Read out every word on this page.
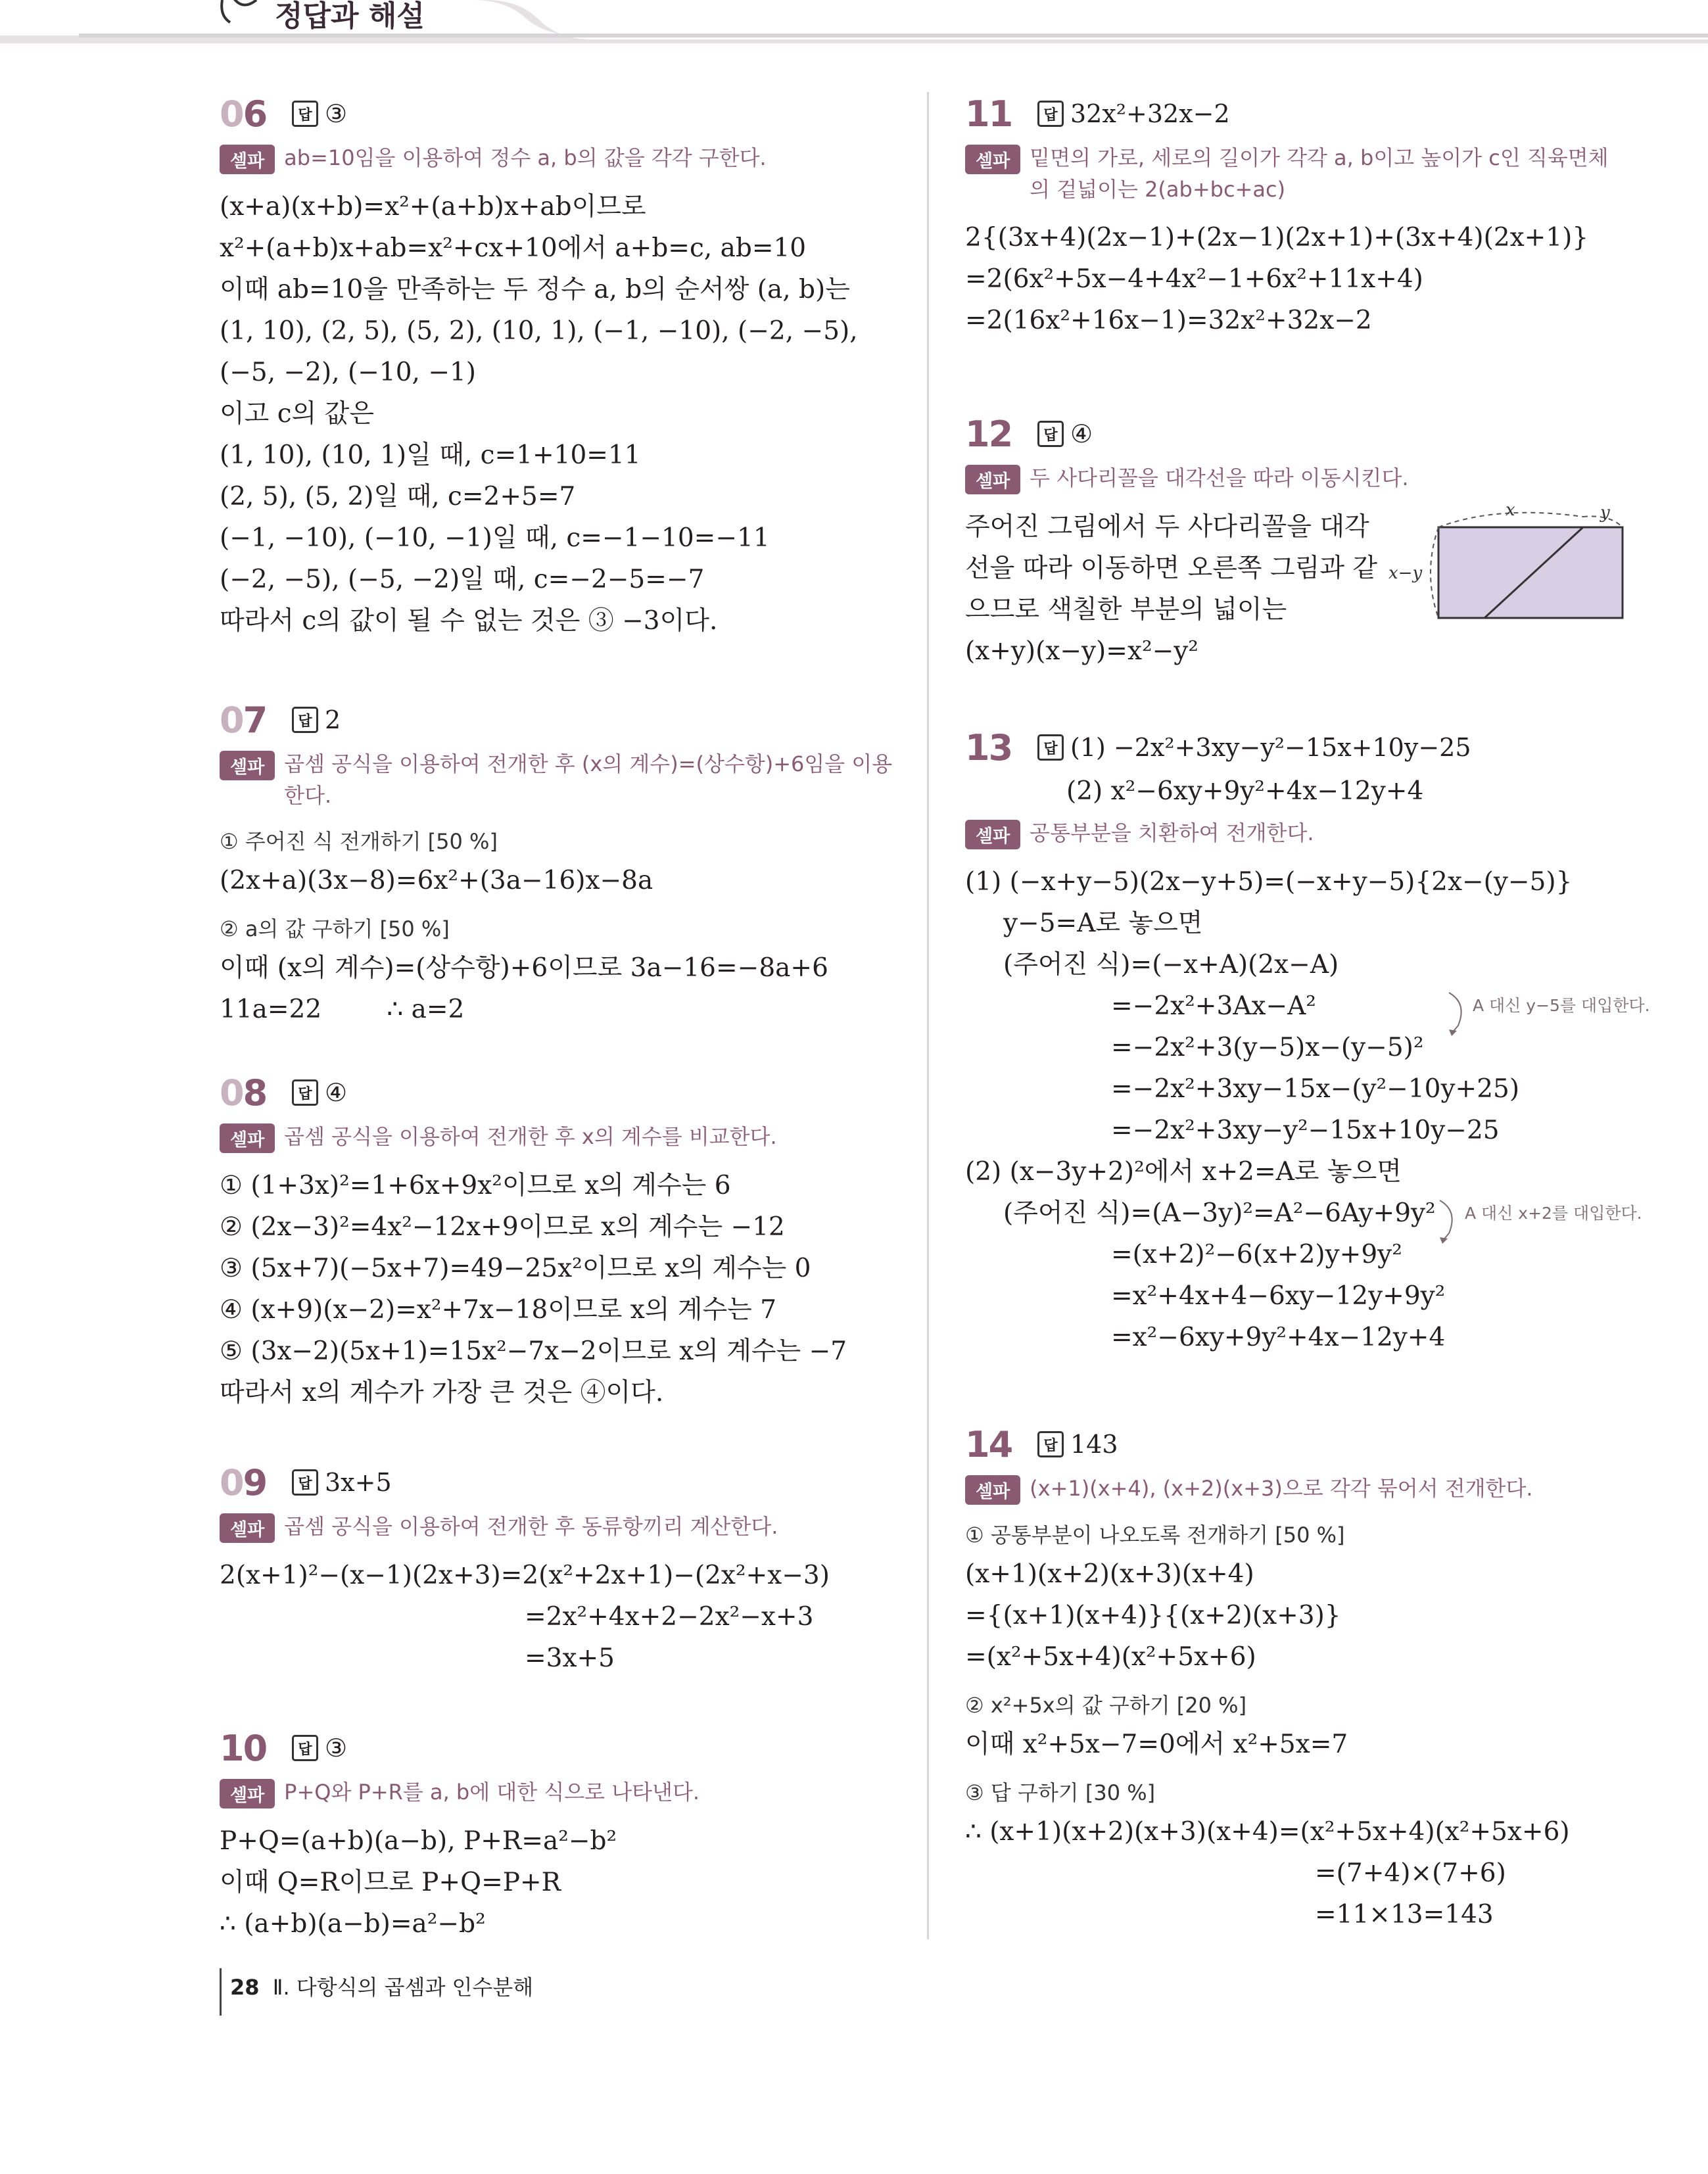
정답과 해설
06	답 ③
셀파 ab=10임을 이용하여 정수 a, b의 값을 각각 구한다.
(x+a)(x+b)=x²+(a+b)x+ab이므로
x²+(a+b)x+ab=x²+cx+10에서 a+b=c, ab=10
이때 ab=10을 만족하는 두 정수 a, b의 순서쌍 (a, b)는
(1, 10), (2, 5), (5, 2), (10, 1), (−1, −10), (−2, −5),
(−5, −2), (−10, −1)
이고 c의 값은
(1, 10), (10, 1)일 때, c=1+10=11
(2, 5), (5, 2)일 때, c=2+5=7
(−1, −10), (−10, −1)일 때, c=−1−10=−11
(−2, −5), (−5, −2)일 때, c=−2−5=−7
따라서 c의 값이 될 수 없는 것은 ③ −3이다.
07	답 2
셀파 곱셈 공식을 이용하여 전개한 후 (x의 계수)=(상수항)+6임을 이용한다.
① 주어진 식 전개하기 [50 %]
(2x+a)(3x−8)=6x²+(3a−16)x−8a
② a의 값 구하기 [50 %]
이때 (x의 계수)=(상수항)+6이므로 3a−16=−8a+6
11a=22        ∴ a=2
08	답 ④
셀파 곱셈 공식을 이용하여 전개한 후 x의 계수를 비교한다.
① (1+3x)²=1+6x+9x²이므로 x의 계수는 6
② (2x−3)²=4x²−12x+9이므로 x의 계수는 −12
③ (5x+7)(−5x+7)=49−25x²이므로 x의 계수는 0
④ (x+9)(x−2)=x²+7x−18이므로 x의 계수는 7
⑤ (3x−2)(5x+1)=15x²−7x−2이므로 x의 계수는 −7
따라서 x의 계수가 가장 큰 것은 ④이다.
09	답 3x+5
셀파 곱셈 공식을 이용하여 전개한 후 동류항끼리 계산한다.
2(x+1)²−(x−1)(2x+3)=2(x²+2x+1)−(2x²+x−3)
=2x²+4x+2−2x²−x+3
=3x+5
10	답 ③
셀파 P+Q와 P+R를 a, b에 대한 식으로 나타낸다.
P+Q=(a+b)(a−b), P+R=a²−b²
이때 Q=R이므로 P+Q=P+R
∴ (a+b)(a−b)=a²−b²
11	답 32x²+32x−2
셀파 밑면의 가로, 세로의 길이가 각각 a, b이고 높이가 c인 직육면체의 겉넓이는 2(ab+bc+ac)
2{(3x+4)(2x−1)+(2x−1)(2x+1)+(3x+4)(2x+1)}
=2(6x²+5x−4+4x²−1+6x²+11x+4)
=2(16x²+16x−1)=32x²+32x−2
12	답 ④
셀파 두 사다리꼴을 대각선을 따라 이동시킨다.
주어진 그림에서 두 사다리꼴을 대각
선을 따라 이동하면 오른쪽 그림과 같
으므로 색칠한 부분의 넓이는
(x+y)(x−y)=x²−y²
x	y
x−y
13	답 (1) −2x²+3xy−y²−15x+10y−25
(2) x²−6xy+9y²+4x−12y+4
셀파 공통부분을 치환하여 전개한다.
(1) (−x+y−5)(2x−y+5)=(−x+y−5){2x−(y−5)}
y−5=A로 놓으면
(주어진 식)=(−x+A)(2x−A)
=−2x²+3Ax−A²
=−2x²+3(y−5)x−(y−5)²
=−2x²+3xy−15x−(y²−10y+25)
=−2x²+3xy−y²−15x+10y−25
(2) (x−3y+2)²에서 x+2=A로 놓으면
(주어진 식)=(A−3y)²=A²−6Ay+9y²
=(x+2)²−6(x+2)y+9y²
=x²+4x+4−6xy−12y+9y²
=x²−6xy+9y²+4x−12y+4
A 대신 y−5를 대입한다.
A 대신 x+2를 대입한다.
14	답 143
셀파 (x+1)(x+4), (x+2)(x+3)으로 각각 묶어서 전개한다.
① 공통부분이 나오도록 전개하기 [50 %]
(x+1)(x+2)(x+3)(x+4)
={(x+1)(x+4)}{(x+2)(x+3)}
=(x²+5x+4)(x²+5x+6)
② x²+5x의 값 구하기 [20 %]
이때 x²+5x−7=0에서 x²+5x=7
③ 답 구하기 [30 %]
∴ (x+1)(x+2)(x+3)(x+4)=(x²+5x+4)(x²+5x+6)
=(7+4)×(7+6)
=11×13=143
28 Ⅱ. 다항식의 곱셈과 인수분해
